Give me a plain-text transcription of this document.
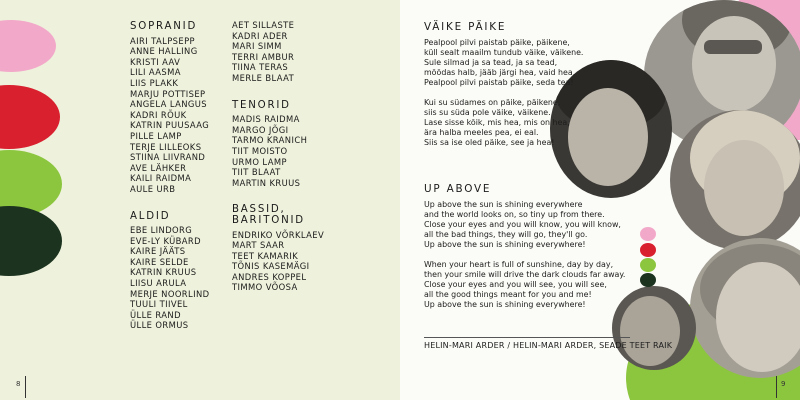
SOPRANID
AIRI TALPSEPP
ANNE HALLING
KRISTI AAV
LILI AASMA
LIIS PLAKK
MARJU POTTISEP
ANGELA LANGUS
KADRI RÕUK
KATRIN PUUSAAG
PILLE LAMP
TERJE LILLEOKS
STIINA LIIVRAND
AVE LÄHKER
KAILI RAIDMA
AULE URB
ALDID
EBE LINDORG
EVE-LY KÜBARD
KAIRE JÄÄTS
KAIRE SELDE
KATRIN KRUUS
LIISU ARULA
MERJE NOORLIND
TUULI TIIVEL
ÜLLE RAND
ÜLLE ORMUS
AET SILLASTE
KADRI ADER
MARI SIMM
TERRI AMBUR
TIINA TERAS
MERLE BLAAT
TENORID
MADIS RAIDMA
MARGO JÕGI
TARMO KRANICH
TIIT MOISTO
URMO LAMP
TIIT BLAAT
MARTIN KRUUS
BASSID,
BARITONID
ENDRIKO VÕRKLAEV
MART SAAR
TEET KAMARIK
TÕNIS KASEMÄGI
ANDRES KOPPEL
TIMMO VÕOSA
8
VÄIKE PÄIKE
Pealpool pilvi paistab päike, päikene,
küll sealt maailm tundub väike, väikene.
Sule silmad ja sa tead, ja sa tead,
mõõdas halb, jääb järgi hea, vaid hea.
Pealpool pilvi paistab päike, seda tea!
Kui su südames on päike, päikene,
siis su süda pole väike, väikene.
Lase sisse kõik, mis hea, mis on hea,
ära halba meeles pea, ei eal.
Siis sa ise oled päike, see ja hea!
UP ABOVE
Up above the sun is shining everywhere
and the world looks on, so tiny up from there.
Close your eyes and you will know, you will know,
all the bad things, they will go, they'll go.
Up above the sun is shining everywhere!
When your heart is full of sunshine, day by day,
then your smile will drive the dark clouds far away.
Close your eyes and you will see, you will see,
all the good things meant for you and me!
Up above the sun is shining everywhere!
HELIN-MARI ARDER / HELIN-MARI ARDER, SEADE TEET RAIK
9
